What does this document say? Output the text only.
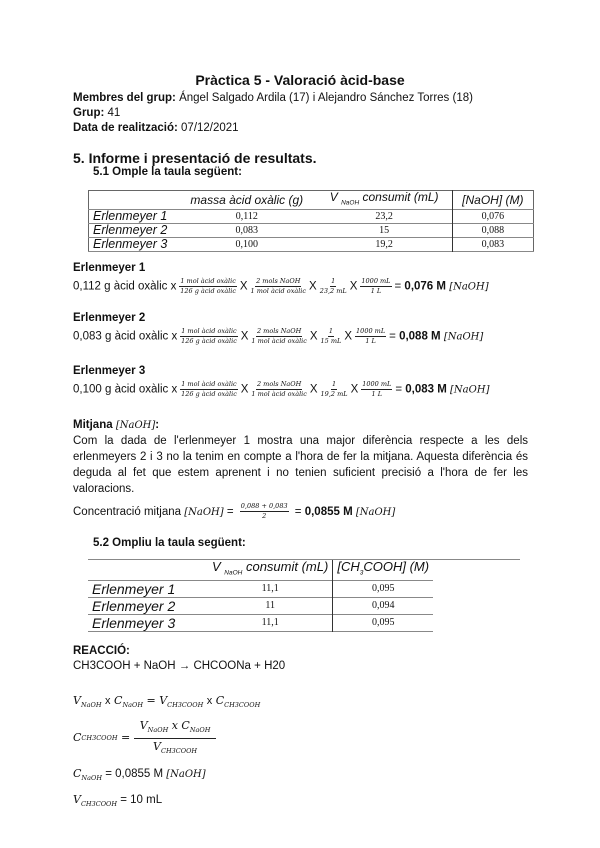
Pràctica 5 - Valoració àcid-base
Membres del grup: Ángel Salgado Ardila (17) i Alejandro Sánchez Torres (18)
Grup: 41
Data de realització: 07/12/2021
5. Informe i presentació de resultats.
5.1 Omple la taula següent:
	massa àcid oxàlic (g)	V $_{NaOH}$ consumit (mL)	[NaOH] (M)
Erlenmeyer 1	0,112	23,2	0,076
Erlenmeyer 2	0,083	15	0,088
Erlenmeyer 3	0,100	19,2	0,083
Erlenmeyer 1
0,112 g àcid oxàlic x $\frac{\text{1 mol àcid oxàlic}}{\text{126 g àcid oxàlic}}$ X $\frac{\text{2 mols NaOH}}{\text{1 mol àcid oxàlic}}$ X $\frac{1}{23,2 mL}$ X $\frac{1000 mL}{1 L} = 0,076$ M [NaOH]
Erlenmeyer 2
0,083 g àcid oxàlic x $\frac{\text{1 mol àcid oxàlic}}{\text{126 g àcid oxàlic}}$ X $\frac{\text{2 mols NaOH}}{\text{1 mol àcid oxàlic}}$ X $\frac{1}{15 mL}$ X $\frac{1000 mL}{1 L} = 0,088$ M [NaOH]
Erlenmeyer 3
0,100 g àcid oxàlic x $\frac{\text{1 mol àcid oxàlic}}{\text{126 g àcid oxàlic}}$ X $\frac{\text{2 mols NaOH}}{\text{1 mol àcid oxàlic}}$ X $\frac{1}{19,2 mL}$ X $\frac{1000 mL}{1 L} = 0,083$ M [NaOH]
Mitjana [NaOH]:
Com la dada de l'erlenmeyer 1 mostra una major diferència respecte a les dels erlenmeyers 2 i 3 no la tenim en compte a l'hora de fer la mitjana. Aquesta diferència és deguda al fet que estem aprenent i no tenien suficient precisió a l'hora de fer les valoracions.
Concentració mitjana [NaOH] = $\frac{0,088 + 0,083}{2} = 0,0855$ M [NaOH]
5.2 Ompliu la taula següent:
	V $_{NaOH}$ consumit (mL)	$[CH_3COOH]$ (M)
Erlenmeyer 1	11,1	0,095
Erlenmeyer 2	11	0,094
Erlenmeyer 3	11,1	0,095
REACCIÓ:
CH3COOH + NaOH → CHCOONa + H20
$V_{NaOH}$ x $C_{NaOH} = V_{CH3COOH}$ x $C_{CH3COOH}$
C CH3COOH =
$V_{NaOH}$ x $C_{NaOH}$
$V_{CH3COOH}$
$C_{NaOH} = 0,0855$ M [NaOH]
$V_{CH3COOH} = 10$ mL
